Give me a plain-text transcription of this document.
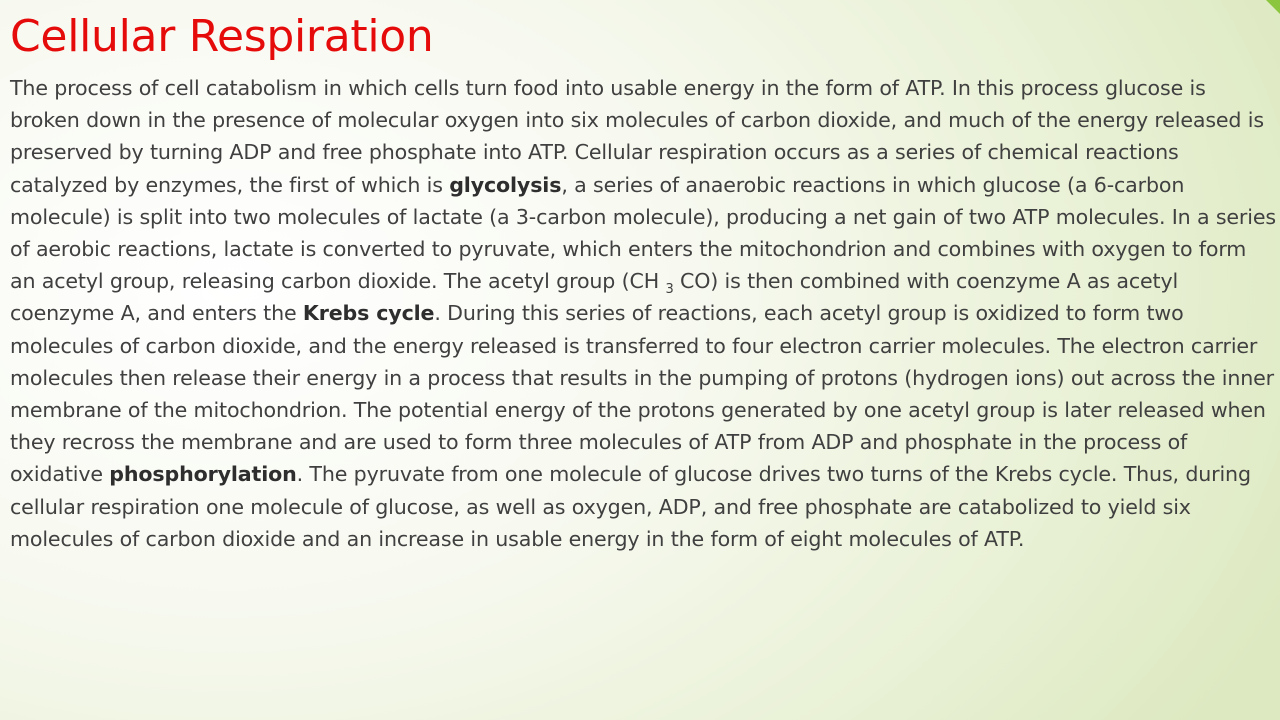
Cellular Respiration

The process of cell catabolism in which cells turn food into usable energy in the form of ATP. In this process glucose is broken down in the presence of molecular oxygen into six molecules of carbon dioxide, and much of the energy released is preserved by turning ADP and free phosphate into ATP. Cellular respiration occurs as a series of chemical reactions catalyzed by enzymes, the first of which is glycolysis, a series of anaerobic reactions in which glucose (a 6-carbon molecule) is split into two molecules of lactate (a 3-carbon molecule), producing a net gain of two ATP molecules. In a series of aerobic reactions, lactate is converted to pyruvate, which enters the mitochondrion and combines with oxygen to form an acetyl group, releasing carbon dioxide. The acetyl group (CH $_3$ CO) is then combined with coenzyme A as acetyl coenzyme A, and enters the Krebs cycle. During this series of reactions, each acetyl group is oxidized to form two molecules of carbon dioxide, and the energy released is transferred to four electron carrier molecules. The electron carrier molecules then release their energy in a process that results in the pumping of protons (hydrogen ions) out across the inner membrane of the mitochondrion. The potential energy of the protons generated by one acetyl group is later released when they recross the membrane and are used to form three molecules of ATP from ADP and phosphate in the process of oxidative phosphorylation. The pyruvate from one molecule of glucose drives two turns of the Krebs cycle. Thus, during cellular respiration one molecule of glucose, as well as oxygen, ADP, and free phosphate are catabolized to yield six molecules of carbon dioxide and an increase in usable energy in the form of eight molecules of ATP.
